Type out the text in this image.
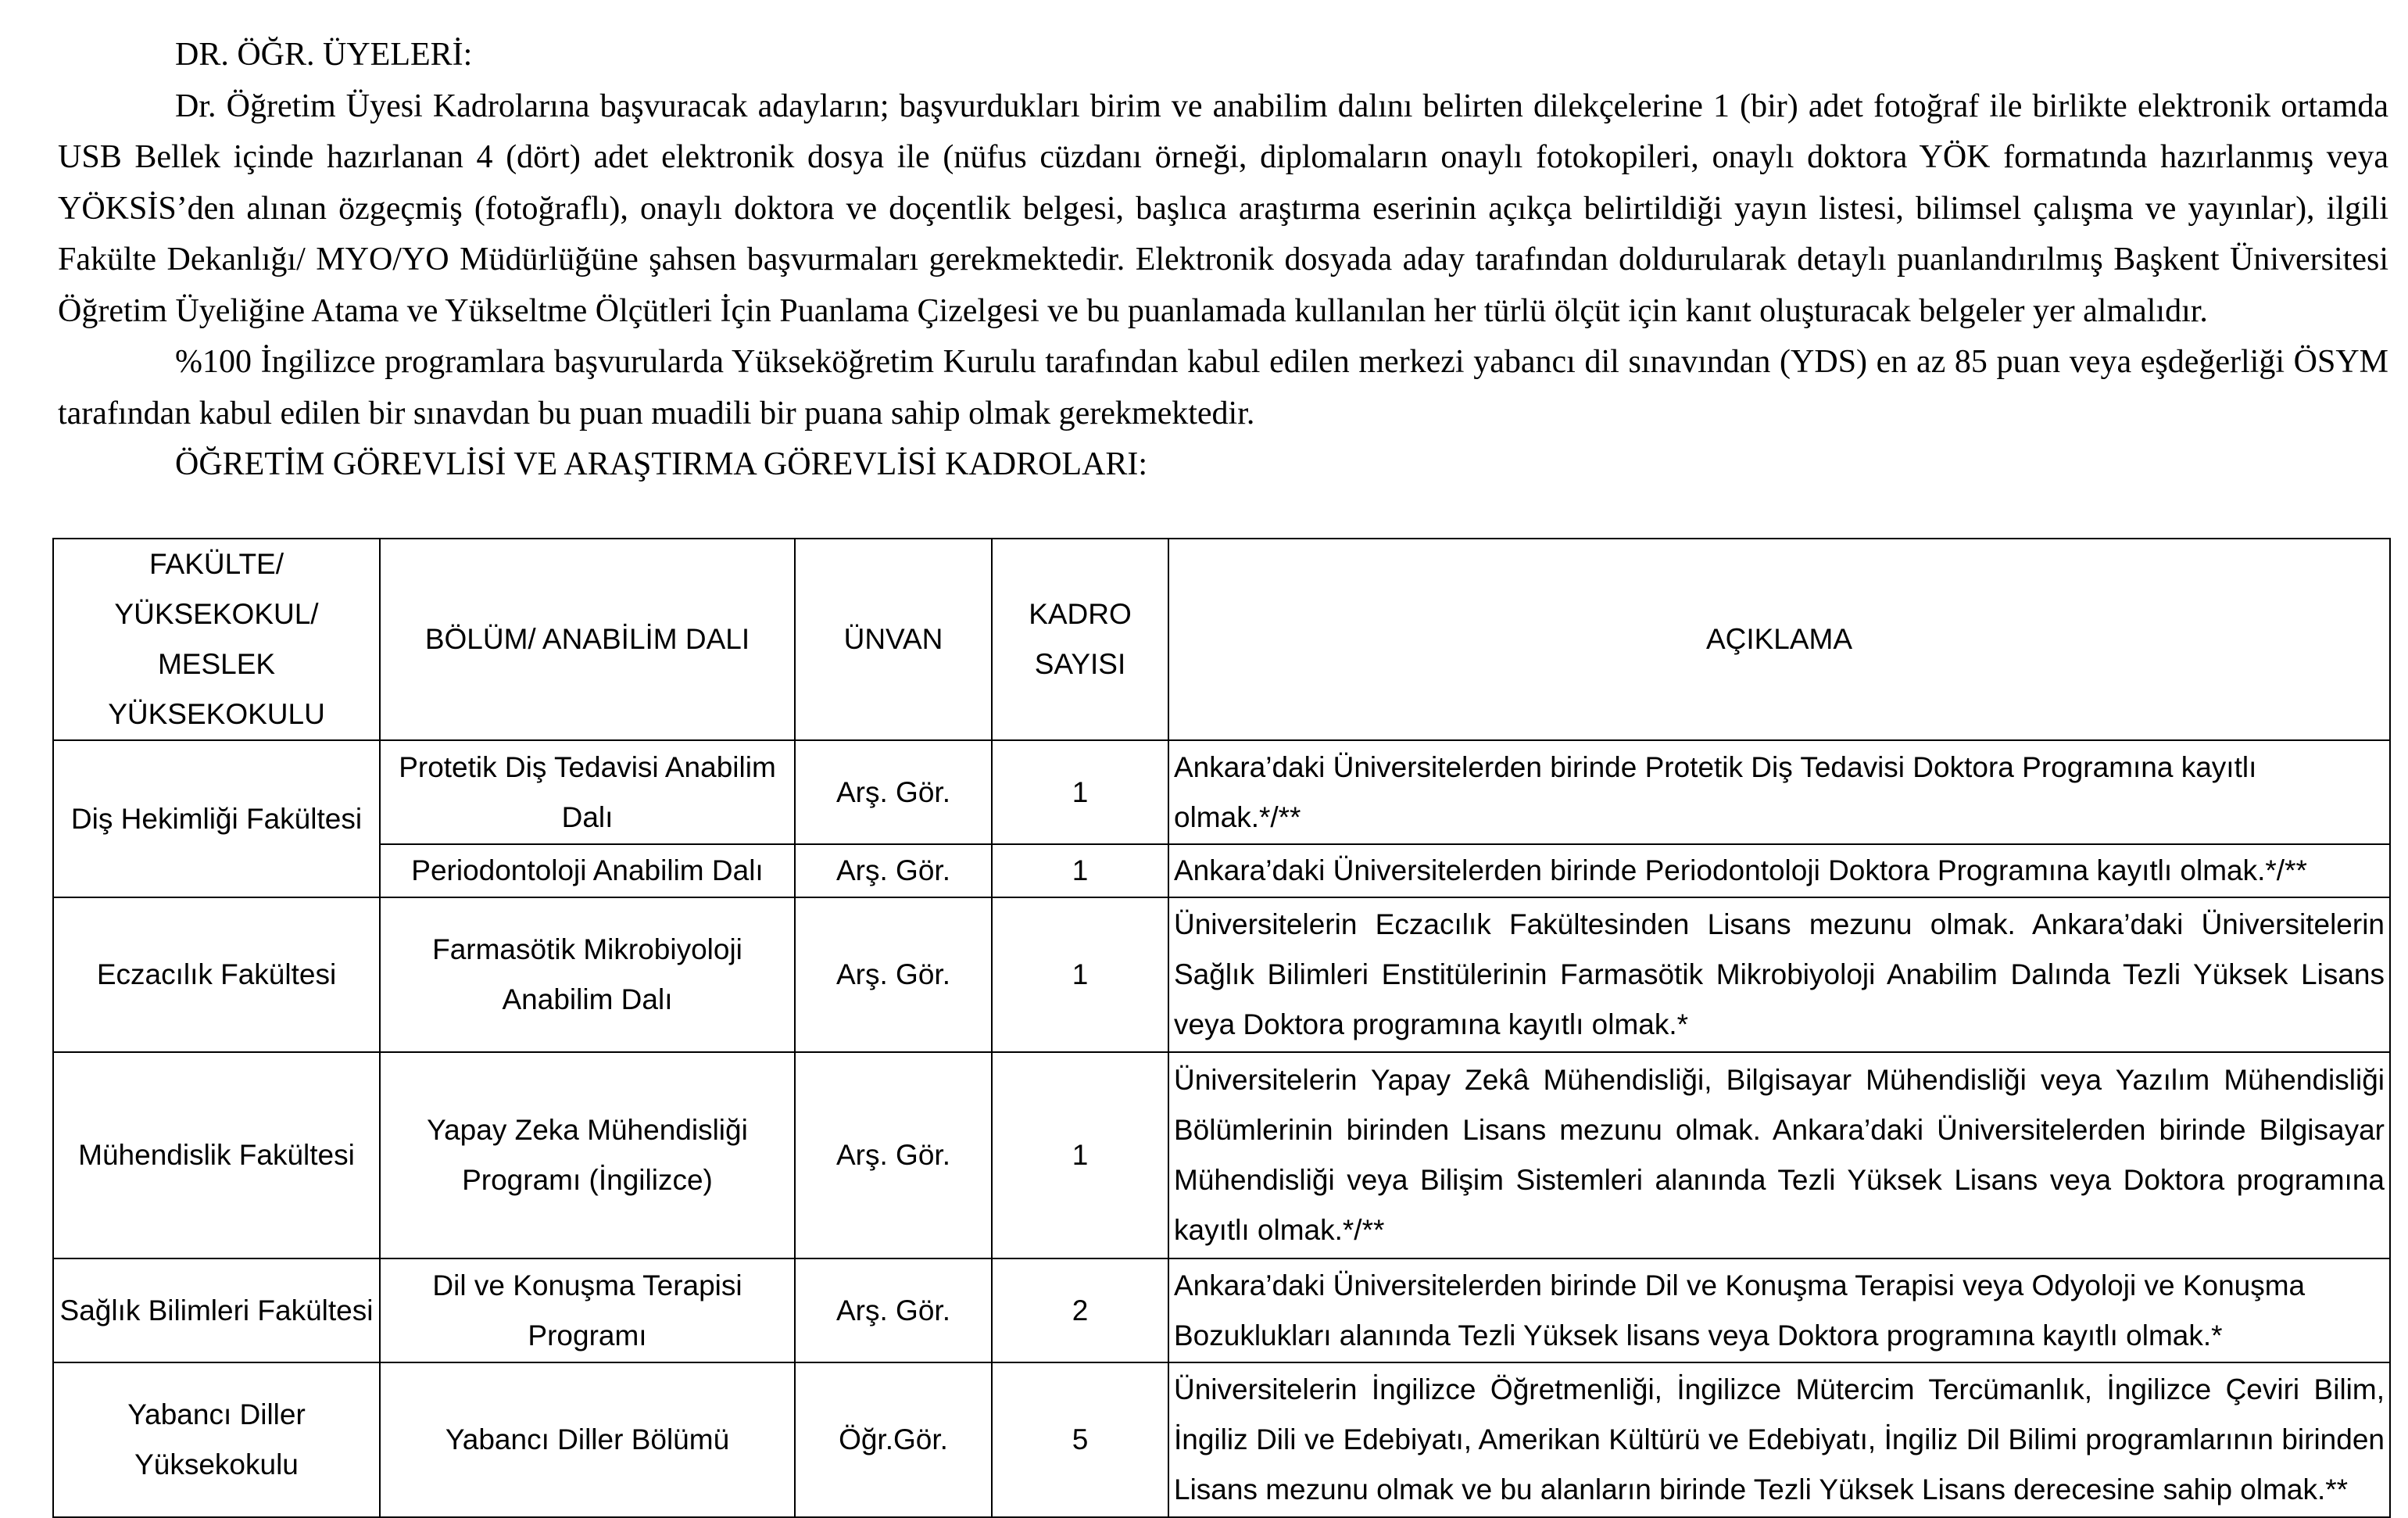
DR. ÖĞR. ÜYELERİ:

Dr. Öğretim Üyesi Kadrolarına başvuracak adayların; başvurdukları birim ve anabilim dalını belirten dilekçelerine 1 (bir) adet fotoğraf ile birlikte elektronik ortamda USB Bellek içinde hazırlanan 4 (dört) adet elektronik dosya ile (nüfus cüzdanı örneği, diplomaların onaylı fotokopileri, onaylı doktora YÖK formatında hazırlanmış veya YÖKSİS’den alınan özgeçmiş (fotoğraflı), onaylı doktora ve doçentlik belgesi, başlıca araştırma eserinin açıkça belirtildiği yayın listesi, bilimsel çalışma ve yayınlar), ilgili Fakülte Dekanlığı/ MYO/YO Müdürlüğüne şahsen başvurmaları gerekmektedir. Elektronik dosyada aday tarafından doldurularak detaylı puanlandırılmış Başkent Üniversitesi Öğretim Üyeliğine Atama ve Yükseltme Ölçütleri İçin Puanlama Çizelgesi ve bu puanlamada kullanılan her türlü ölçüt için kanıt oluşturacak belgeler yer almalıdır.

%100 İngilizce programlara başvurularda Yükseköğretim Kurulu tarafından kabul edilen merkezi yabancı dil sınavından (YDS) en az 85 puan veya eşdeğerliği ÖSYM tarafından kabul edilen bir sınavdan bu puan muadili bir puana sahip olmak gerekmektedir.

ÖĞRETİM GÖREVLİSİ VE ARAŞTIRMA GÖREVLİSİ KADROLARI:

FAKÜLTE/ YÜKSEKOKUL/ MESLEK YÜKSEKOKULU	BÖLÜM/ ANABİLİM DALI	ÜNVAN	KADRO SAYISI	AÇIKLAMA
Diş Hekimliği Fakültesi	Protetik Diş Tedavisi Anabilim Dalı	Arş. Gör.	1	Ankara’daki Üniversitelerden birinde Protetik Diş Tedavisi Doktora Programına kayıtlı olmak.*/**
	Periodontoloji Anabilim Dalı	Arş. Gör.	1	Ankara’daki Üniversitelerden birinde Periodontoloji Doktora Programına kayıtlı olmak.*/**
Eczacılık Fakültesi	Farmasötik Mikrobiyoloji Anabilim Dalı	Arş. Gör.	1	Üniversitelerin Eczacılık Fakültesinden Lisans mezunu olmak. Ankara’daki Üniversitelerin Sağlık Bilimleri Enstitülerinin Farmasötik Mikrobiyoloji Anabilim Dalında Tezli Yüksek Lisans veya Doktora programına kayıtlı olmak.*
Mühendislik Fakültesi	Yapay Zeka Mühendisliği Programı (İngilizce)	Arş. Gör.	1	Üniversitelerin Yapay Zekâ Mühendisliği, Bilgisayar Mühendisliği veya Yazılım Mühendisliği Bölümlerinin birinden Lisans mezunu olmak. Ankara’daki Üniversitelerden birinde Bilgisayar Mühendisliği veya Bilişim Sistemleri alanında Tezli Yüksek Lisans veya Doktora programına kayıtlı olmak.*/**
Sağlık Bilimleri Fakültesi	Dil ve Konuşma Terapisi Programı	Arş. Gör.	2	Ankara’daki Üniversitelerden birinde Dil ve Konuşma Terapisi veya Odyoloji ve Konuşma Bozuklukları alanında Tezli Yüksek lisans veya Doktora programına kayıtlı olmak.*
Yabancı Diller Yüksekokulu	Yabancı Diller Bölümü	Öğr.Gör.	5	Üniversitelerin İngilizce Öğretmenliği, İngilizce Mütercim Tercümanlık, İngilizce Çeviri Bilim, İngiliz Dili ve Edebiyatı, Amerikan Kültürü ve Edebiyatı, İngiliz Dil Bilimi programlarının birinden Lisans mezunu olmak ve bu alanların birinde Tezli Yüksek Lisans derecesine sahip olmak.**
